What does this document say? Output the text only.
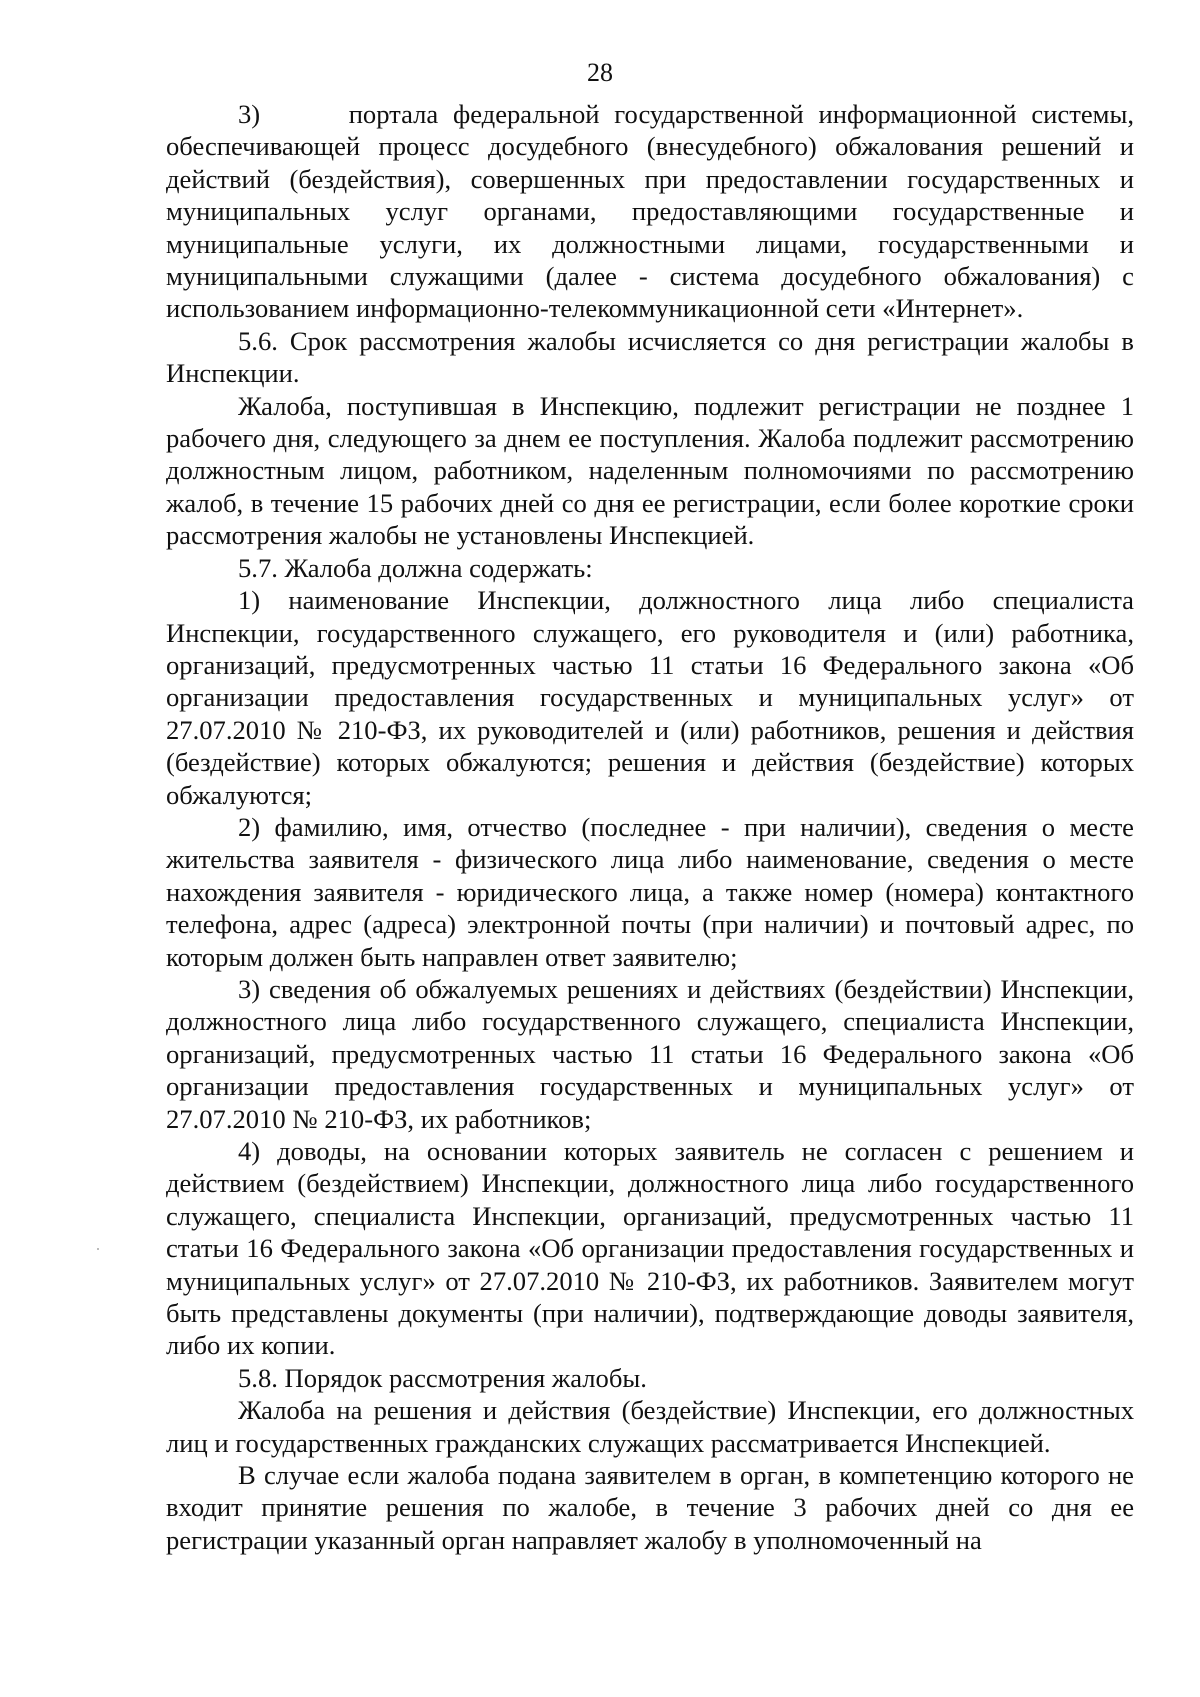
28

3)      портала федеральной государственной информационной системы, обеспечивающей процесс досудебного (внесудебного) обжалования решений и действий (бездействия), совершенных при предоставлении государственных и муниципальных услуг органами, предоставляющими государственные и муниципальные услуги, их должностными лицами, государственными и муниципальными служащими (далее - система досудебного обжалования) с использованием информационно-телекоммуникационной сети «Интернет».

5.6. Срок рассмотрения жалобы исчисляется со дня регистрации жалобы в Инспекции.

Жалоба, поступившая в Инспекцию, подлежит регистрации не позднее 1 рабочего дня, следующего за днем ее поступления. Жалоба подлежит рассмотрению должностным лицом, работником, наделенным полномочиями по рассмотрению жалоб, в течение 15 рабочих дней со дня ее регистрации, если более короткие сроки рассмотрения жалобы не установлены Инспекцией.

5.7. Жалоба должна содержать:

1) наименование Инспекции, должностного лица либо специалиста Инспекции, государственного служащего, его руководителя и (или) работника, организаций, предусмотренных частью 11 статьи 16 Федерального закона «Об организации предоставления государственных и муниципальных услуг» от 27.07.2010 № 210-ФЗ, их руководителей и (или) работников, решения и действия (бездействие) которых обжалуются; решения и действия (бездействие) которых обжалуются;

2) фамилию, имя, отчество (последнее - при наличии), сведения о месте жительства заявителя - физического лица либо наименование, сведения о месте нахождения заявителя - юридического лица, а также номер (номера) контактного телефона, адрес (адреса) электронной почты (при наличии) и почтовый адрес, по которым должен быть направлен ответ заявителю;

3) сведения об обжалуемых решениях и действиях (бездействии) Инспекции, должностного лица либо государственного служащего, специалиста Инспекции, организаций, предусмотренных частью 11 статьи 16 Федерального закона «Об организации предоставления государственных и муниципальных услуг» от 27.07.2010 № 210-ФЗ, их работников;

4) доводы, на основании которых заявитель не согласен с решением и действием (бездействием) Инспекции, должностного лица либо государственного служащего, специалиста Инспекции, организаций, предусмотренных частью 11 статьи 16 Федерального закона «Об организации предоставления государственных и муниципальных услуг» от 27.07.2010 № 210-ФЗ, их работников. Заявителем могут быть представлены документы (при наличии), подтверждающие доводы заявителя, либо их копии.

5.8. Порядок рассмотрения жалобы.

Жалоба на решения и действия (бездействие) Инспекции, его должностных лиц и государственных гражданских служащих рассматривается Инспекцией.

В случае если жалоба подана заявителем в орган, в компетенцию которого не входит принятие решения по жалобе, в течение 3 рабочих дней со дня ее регистрации указанный орган направляет жалобу в уполномоченный на
